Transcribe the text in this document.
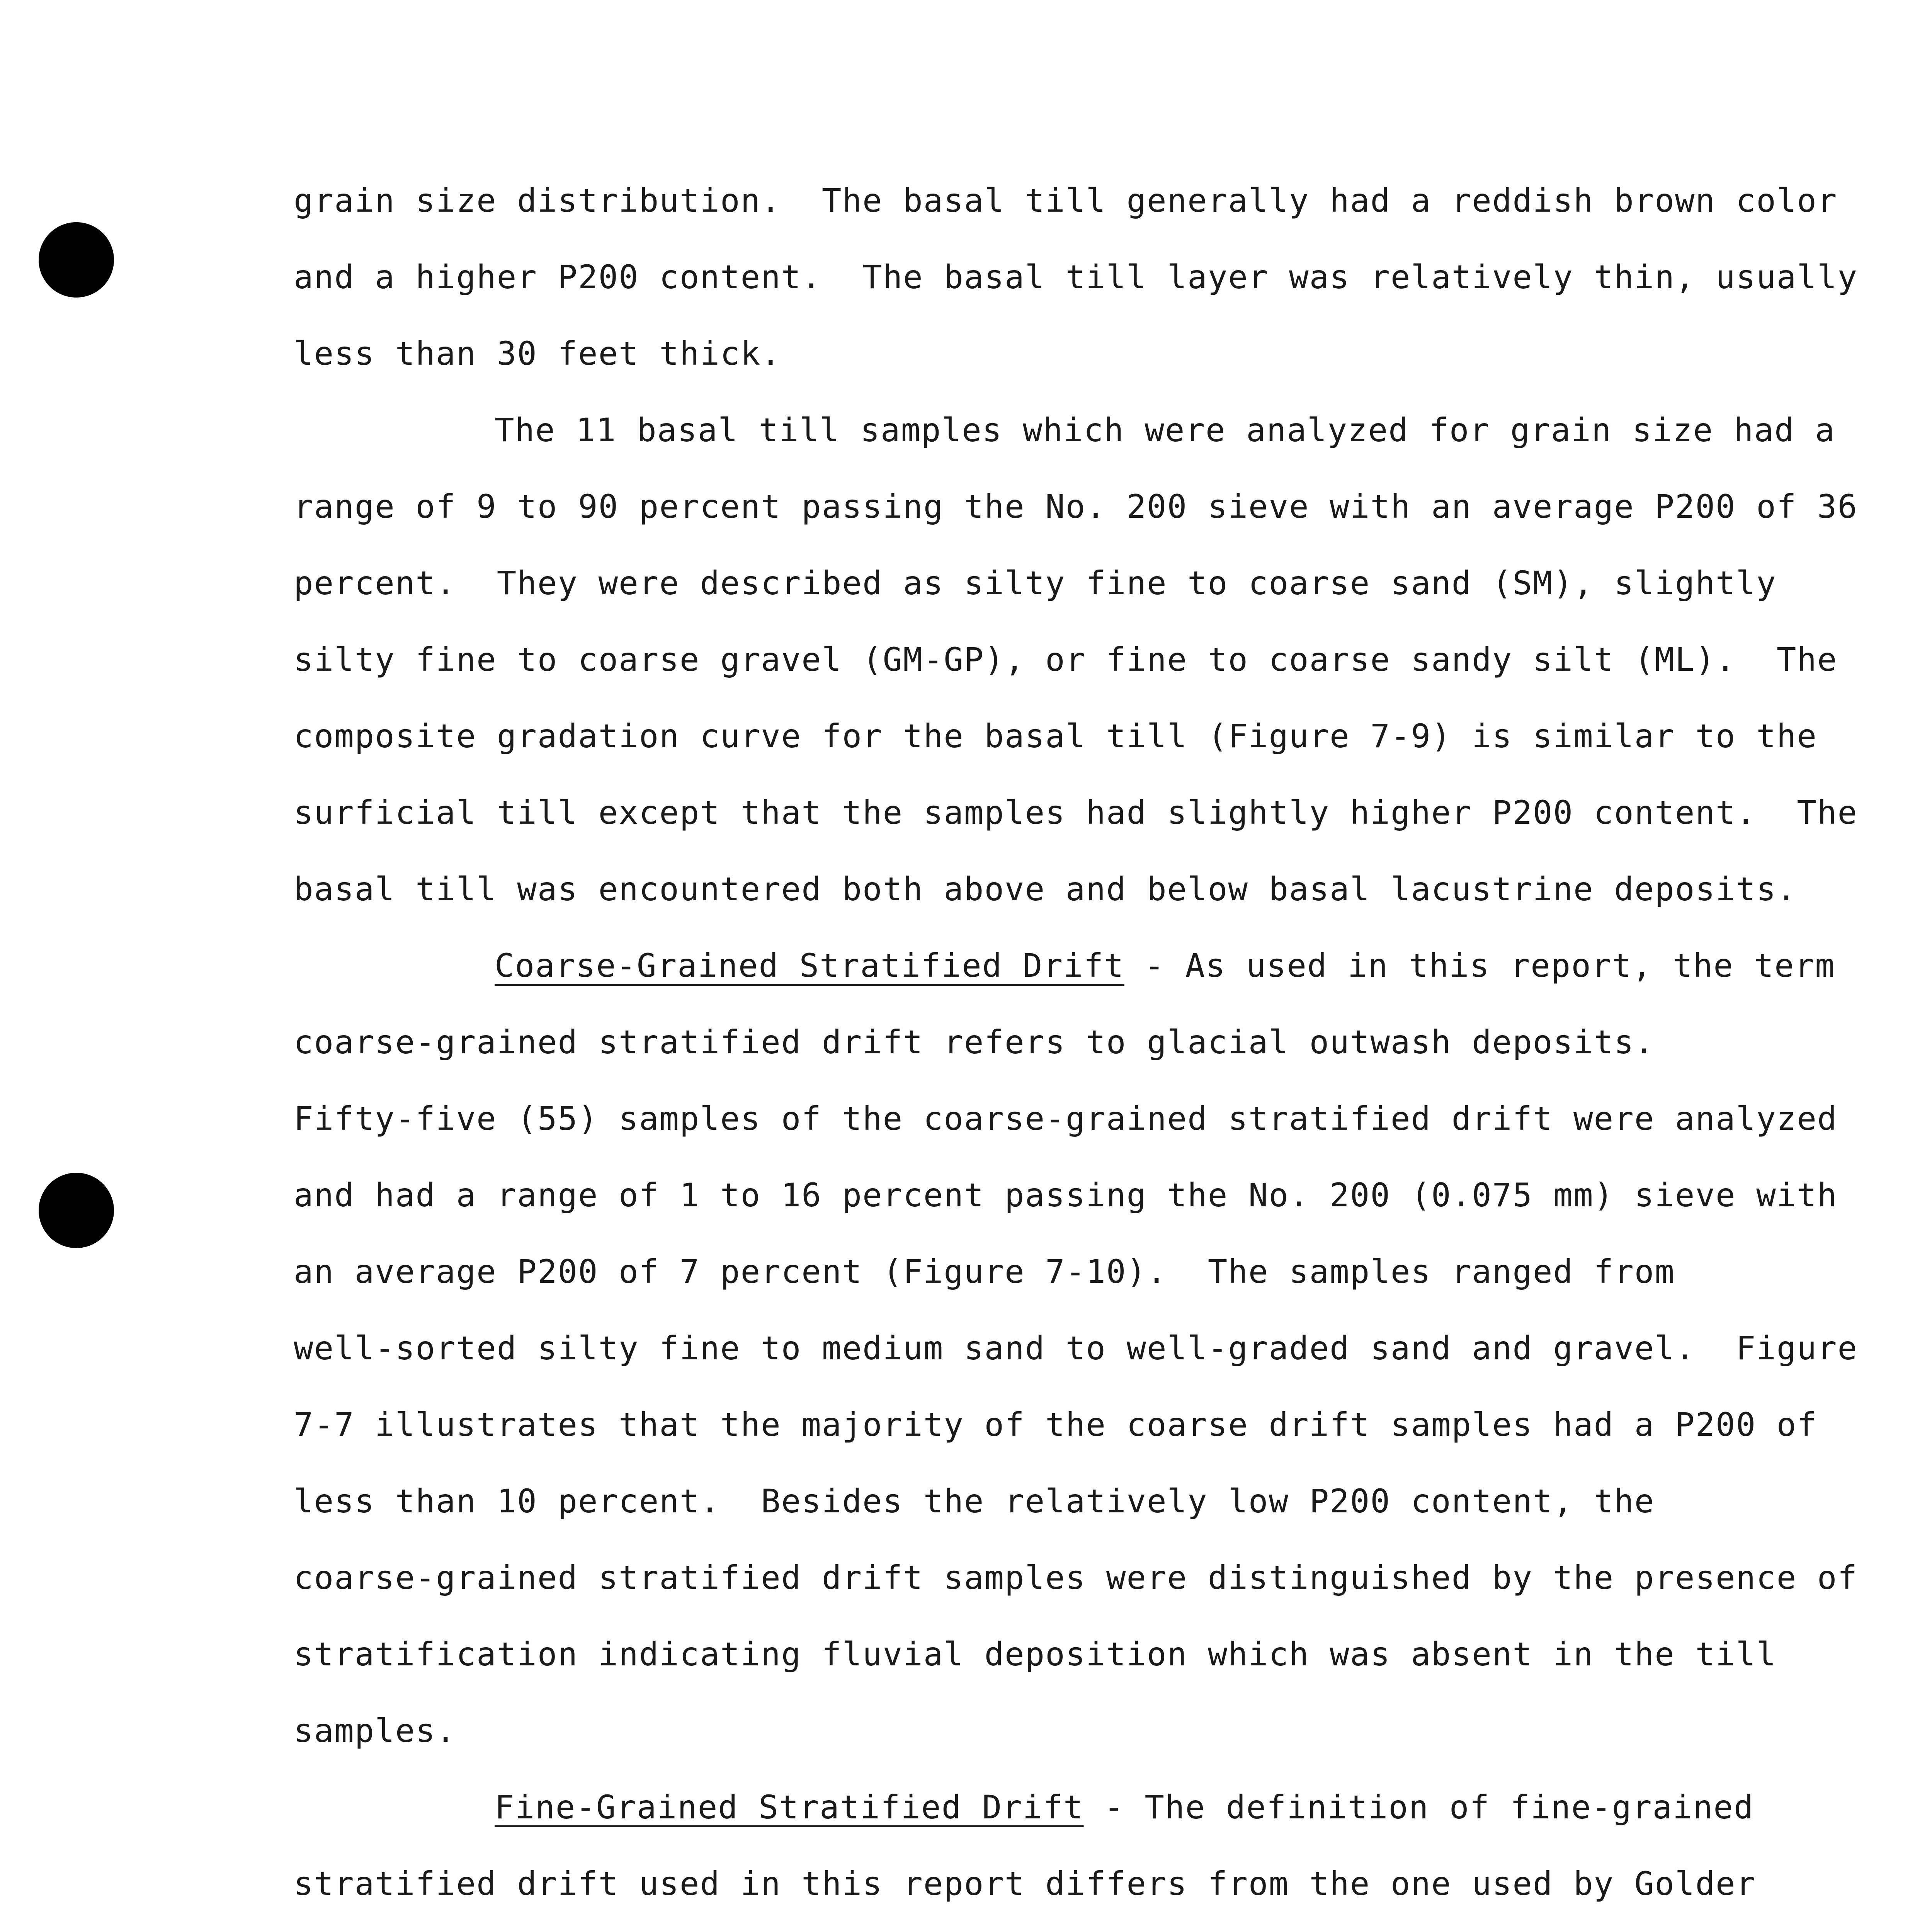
grain size distribution.  The basal till generally had a reddish brown color
and a higher P200 content.  The basal till layer was relatively thin, usually
less than 30 feet thick.
The 11 basal till samples which were analyzed for grain size had a
range of 9 to 90 percent passing the No. 200 sieve with an average P200 of 36
percent.  They were described as silty fine to coarse sand (SM), slightly
silty fine to coarse gravel (GM-GP), or fine to coarse sandy silt (ML).  The
composite gradation curve for the basal till (Figure 7-9) is similar to the
surficial till except that the samples had slightly higher P200 content.  The
basal till was encountered both above and below basal lacustrine deposits.
Coarse-Grained Stratified Drift - As used in this report, the term
coarse-grained stratified drift refers to glacial outwash deposits.
Fifty-five (55) samples of the coarse-grained stratified drift were analyzed
and had a range of 1 to 16 percent passing the No. 200 (0.075 mm) sieve with
an average P200 of 7 percent (Figure 7-10).  The samples ranged from
well-sorted silty fine to medium sand to well-graded sand and gravel.  Figure
7-7 illustrates that the majority of the coarse drift samples had a P200 of
less than 10 percent.  Besides the relatively low P200 content, the
coarse-grained stratified drift samples were distinguished by the presence of
stratification indicating fluvial deposition which was absent in the till
samples.
Fine-Grained Stratified Drift - The definition of fine-grained
stratified drift used in this report differs from the one used by Golder
